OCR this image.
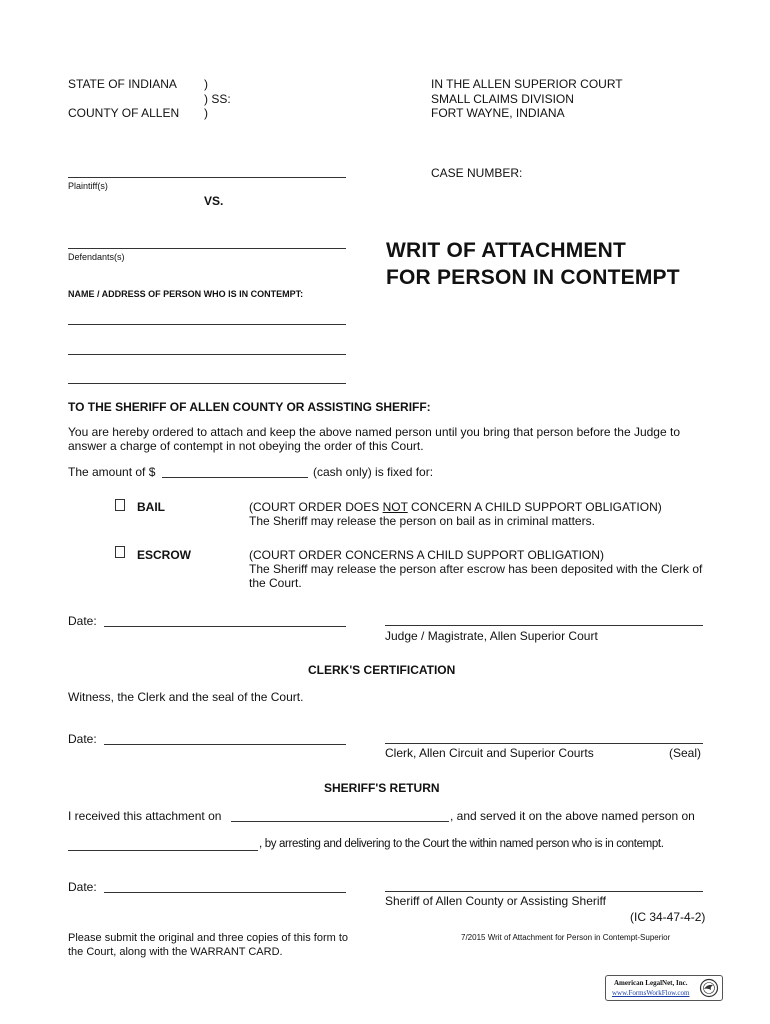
STATE OF INDIANA
COUNTY OF ALLEN
)
) SS:
)
IN THE ALLEN SUPERIOR COURT
SMALL CLAIMS DIVISION
FORT WAYNE, INDIANA
Plaintiff(s)
CASE NUMBER:
VS.
Defendants(s)	WRIT OF ATTACHMENT
FOR PERSON IN CONTEMPT
NAME / ADDRESS OF PERSON WHO IS IN CONTEMPT:
TO THE SHERIFF OF ALLEN COUNTY OR ASSISTING SHERIFF:
You are hereby ordered to attach and keep the above named person until you bring that person before the Judge to answer a charge of contempt in not obeying the order of this Court.
The amount of $	(cash only) is fixed for:
BAIL	(COURT ORDER DOES NOT CONCERN A CHILD SUPPORT OBLIGATION)
The Sheriff may release the person on bail as in criminal matters.
ESCROW	(COURT ORDER CONCERNS A CHILD SUPPORT OBLIGATION)
The Sheriff may release the person after escrow has been deposited with the Clerk of the Court.
Date:
Judge / Magistrate, Allen Superior Court
CLERK'S CERTIFICATION
Witness, the Clerk and the seal of the Court.
Date:
Clerk, Allen Circuit and Superior Courts	(Seal)
SHERIFF'S RETURN
I received this attachment on	, and served it on the above named person on
, by arresting and delivering to the Court the within named person who is in contempt.
Date:
Sheriff of Allen County or Assisting Sheriff
(IC 34-47-4-2)
Please submit the original and three copies of this form to the Court, along with the WARRANT CARD.
7/2015 Writ of Attachment for Person in Contempt-Superior
American LegalNet, Inc.
www.FormsWorkFlow.com
